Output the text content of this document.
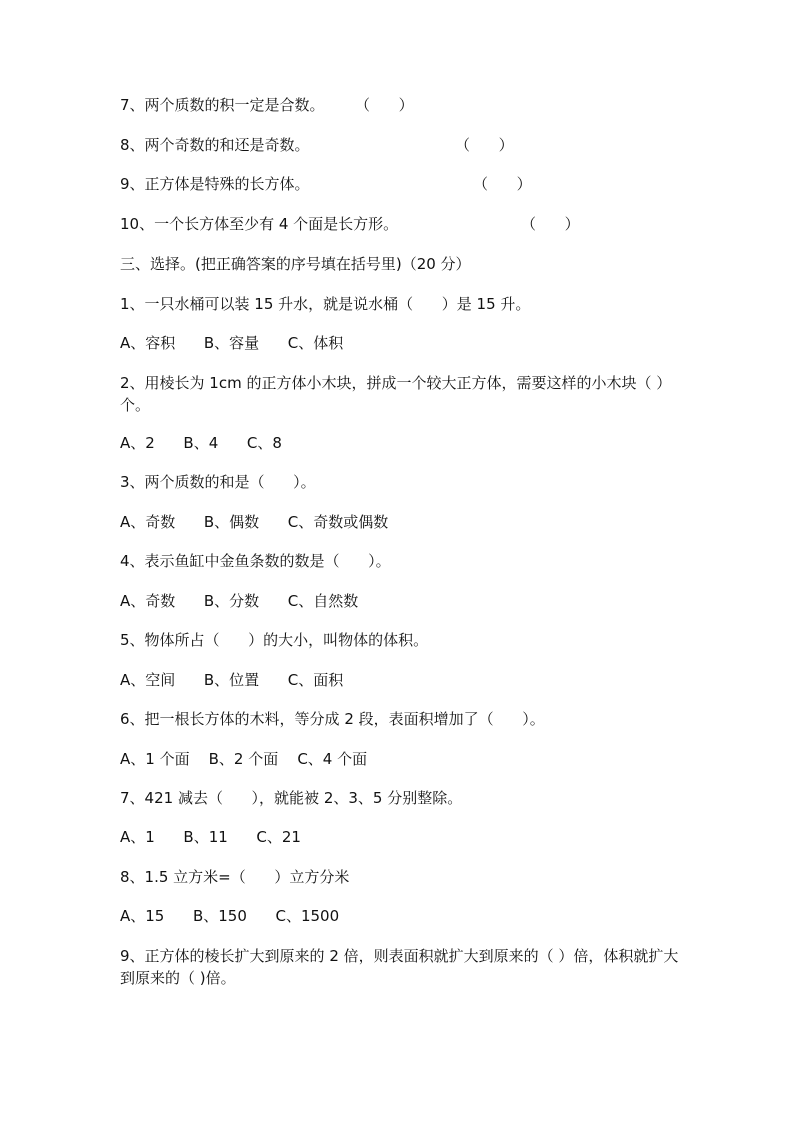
7、两个质数的积一定是合数。 （      ）
8、两个奇数的和还是奇数。	（      ）
9、正方体是特殊的长方体。	（      ）
10、一个长方体至少有 4 个面是长方形。	（      ）
三、选择。(把正确答案的序号填在括号里)（20 分）
1、一只水桶可以装 15 升水，就是说水桶（      ）是 15 升。
A、容积      B、容量      C、体积
2、用棱长为 1cm 的正方体小木块，拼成一个较大正方体，需要这样的小木块（ ）个。
A、2      B、4      C、8
3、两个质数的和是（      ）。
A、奇数      B、偶数      C、奇数或偶数
4、表示鱼缸中金鱼条数的数是（      ）。
A、奇数      B、分数      C、自然数
5、物体所占（      ）的大小，叫物体的体积。
A、空间      B、位置      C、面积
6、把一根长方体的木料，等分成 2 段，表面积增加了（      ）。
A、1 个面    B、2 个面    C、4 个面
7、421 减去（      ），就能被 2、3、5 分别整除。
A、1      B、11      C、21
8、1.5 立方米=（      ）立方分米
A、15      B、150      C、1500
9、正方体的棱长扩大到原来的 2 倍，则表面积就扩大到原来的（ ）倍，体积就扩大到原来的（ )倍。
